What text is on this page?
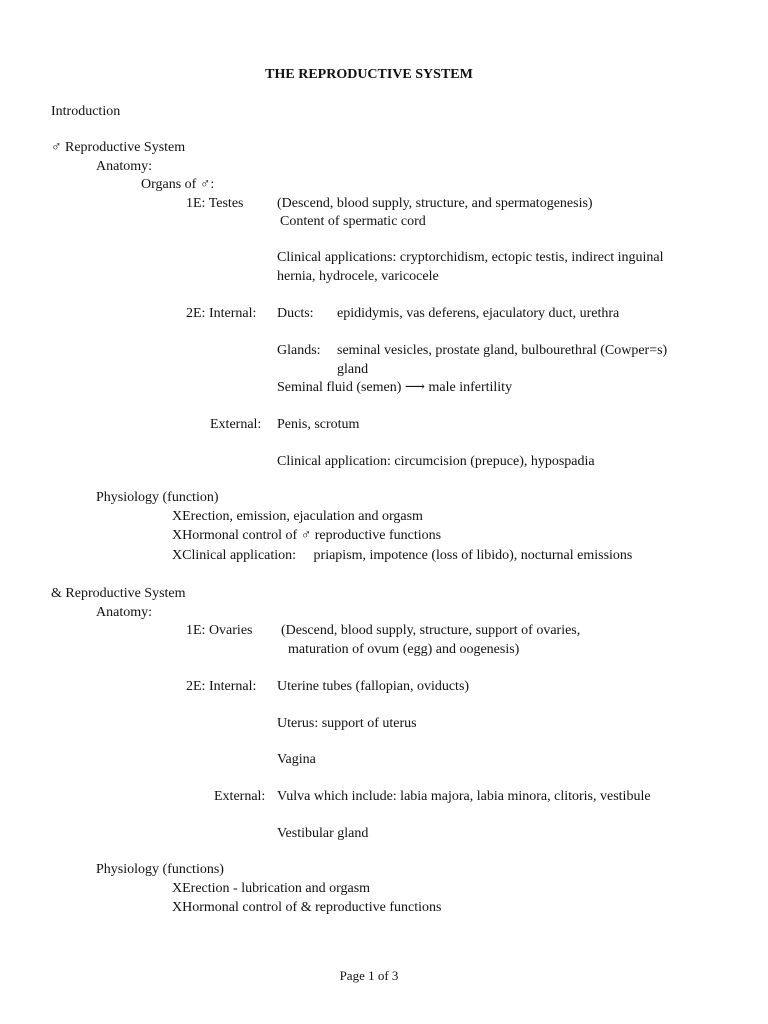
THE REPRODUCTIVE SYSTEM
Introduction
♂ Reproductive System
Anatomy:
Organs of ♂:
1E: Testes (Descend, blood supply, structure, and spermatogenesis)
Content of spermatic cord
Clinical applications: cryptorchidism, ectopic testis, indirect inguinal
hernia, hydrocele, varicocele
2E: Internal: Ducts: epididymis, vas deferens, ejaculatory duct, urethra
Glands: seminal vesicles, prostate gland, bulbourethral (Cowper=s)
gland
Seminal fluid (semen) ⟶ male infertility
External: Penis, scrotum
Clinical application: circumcision (prepuce), hypospadia
Physiology (function)
ΧErection, emission, ejaculation and orgasm
ΧHormonal control of ♂ reproductive functions
ΧClinical application:     priapism, impotence (loss of libido), nocturnal emissions
& Reproductive System
Anatomy:
1E: Ovaries (Descend, blood supply, structure, support of ovaries,
maturation of ovum (egg) and oogenesis)
2E: Internal: Uterine tubes (fallopian, oviducts)
Uterus: support of uterus
Vagina
External: Vulva which include: labia majora, labia minora, clitoris, vestibule
Vestibular gland
Physiology (functions)
ΧErection - lubrication and orgasm
ΧHormonal control of & reproductive functions
Page 1 of 3
